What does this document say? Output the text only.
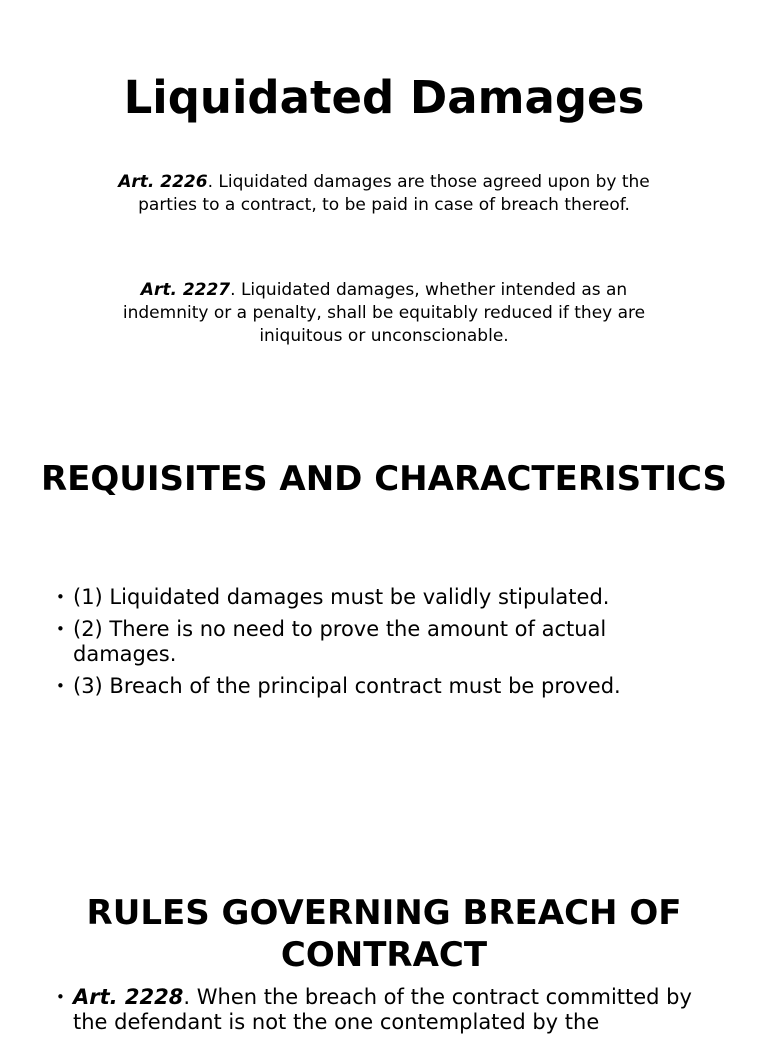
Liquidated Damages

Art. 2226. Liquidated damages are those agreed upon by the parties to a contract, to be paid in case of breach thereof.

Art. 2227. Liquidated damages, whether intended as an indemnity or a penalty, shall be equitably reduced if they are iniquitous or unconscionable.

REQUISITES AND CHARACTERISTICS
• (1) Liquidated damages must be validly stipulated.
• (2) There is no need to prove the amount of actual damages.
• (3) Breach of the principal contract must be proved.
RULES GOVERNING BREACH OF CONTRACT
• Art. 2228. When the breach of the contract committed by the defendant is not the one contemplated by the
